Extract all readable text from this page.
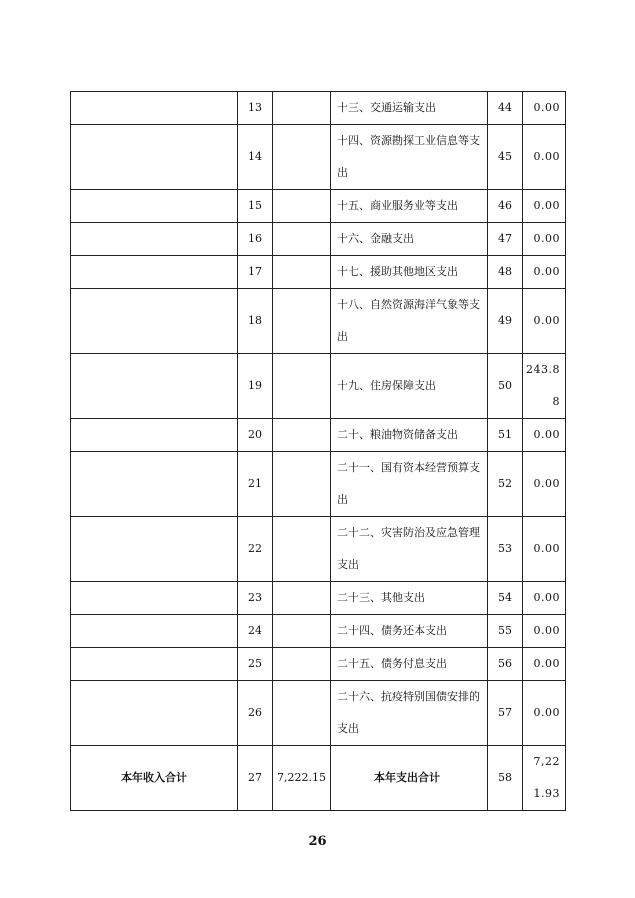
	13		十三、交通运输支出	44	0.00
	14		十四、资源勘探工业信息等支出	45	0.00
	15		十五、商业服务业等支出	46	0.00
	16		十六、金融支出	47	0.00
	17		十七、援助其他地区支出	48	0.00
	18		十八、自然资源海洋气象等支出	49	0.00
	19		十九、住房保障支出	50	243.88
	20		二十、粮油物资储备支出	51	0.00
	21		二十一、国有资本经营预算支出	52	0.00
	22		二十二、灾害防治及应急管理支出	53	0.00
	23		二十三、其他支出	54	0.00
	24		二十四、债务还本支出	55	0.00
	25		二十五、债务付息支出	56	0.00
	26		二十六、抗疫特别国债安排的支出	57	0.00
本年收入合计	27	7,222.15	本年支出合计	58	7,221.93
26
